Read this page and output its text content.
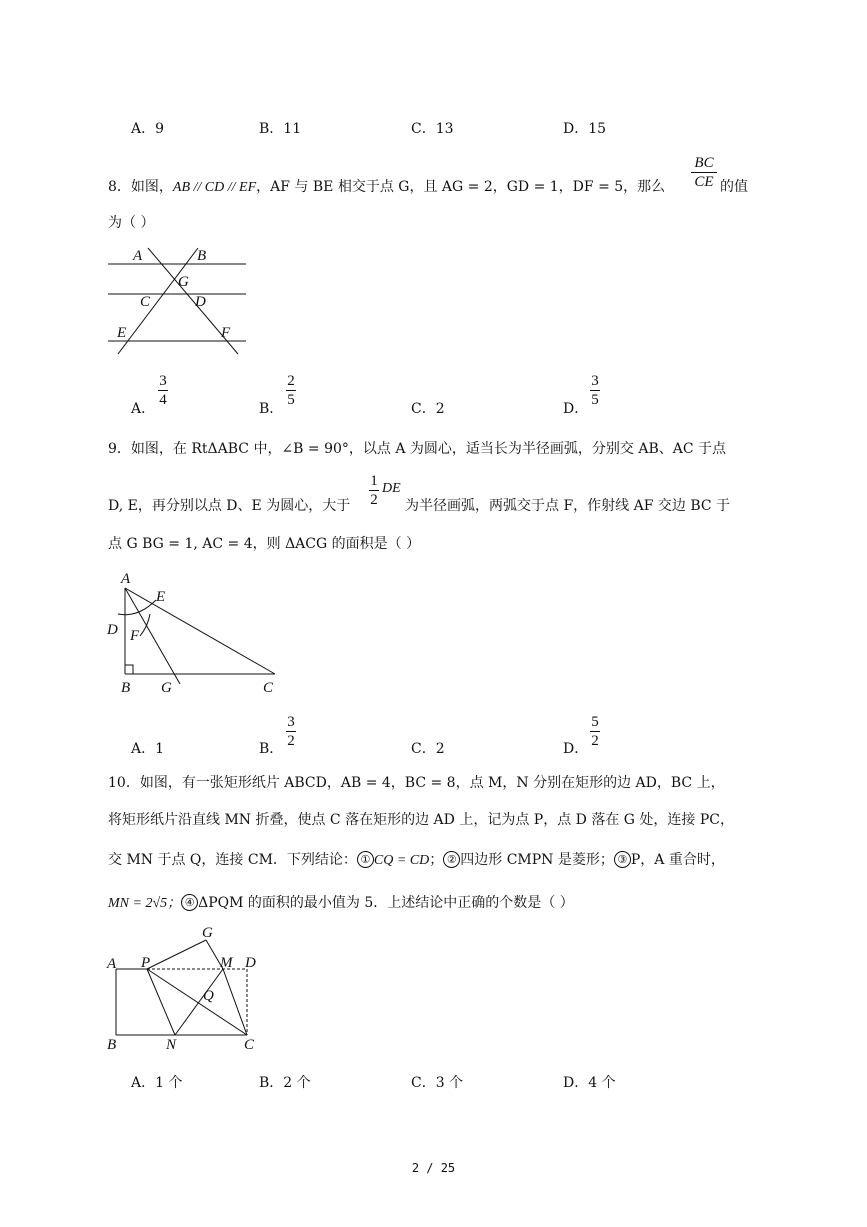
A．9	B．11	C．13	D．15
8．如图，AB // CD // EF，AF 与 BE 相交于点 G，且 AG = 2，GD = 1，DF = 5，那么
BC
CE 的值
为（ ）
A	B
G
C	D
E	F
A．
3
4
B．
2
5
C．2	D．
3
5
9．如图，在 RtΔABC 中，∠B = 90°，以点 A 为圆心，适当长为半径画弧，分别交 AB、AC 于点
D, E，再分别以点 D、E 为圆心，大于
1
2
DE
为半径画弧，两弧交于点 F，作射线 AF 交边 BC 于
点 G BG = 1, AC = 4，则 ΔACG 的面积是（ ）
A
E
D F
B G	C
A．1	B．
3
2	C．2	D．
5
2
10．如图，有一张矩形纸片 ABCD，AB = 4，BC = 8，点 M，N 分别在矩形的边 AD，BC 上，
将矩形纸片沿直线 MN 折叠，使点 C 落在矩形的边 AD 上，记为点 P，点 D 落在 G 处，连接 PC，
交 MN 于点 Q，连接 CM．下列结论： ① CQ = CD； ② 四边形 CMPN 是菱形； ③ P，A 重合时，
MN = 2√5； ④ ΔPQM 的面积的最小值为 5．上述结论中正确的个数是（ ）
G
A P	M D
Q
B	N	C
A．1 个	B．2 个	C．3 个	D．4 个
2 / 25
